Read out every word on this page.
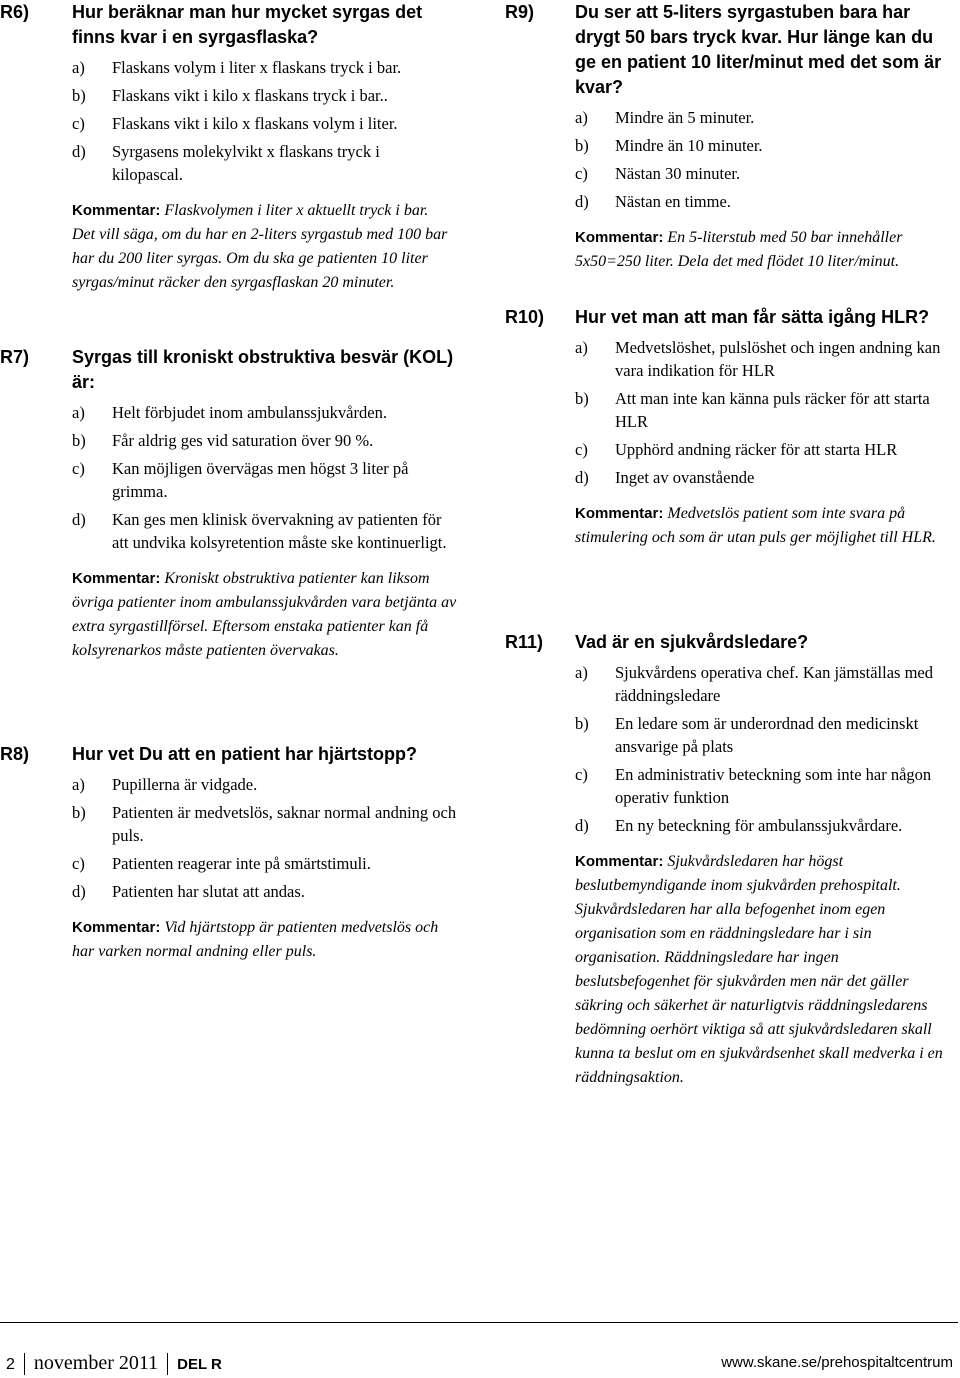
R6) Hur beräknar man hur mycket syrgas det finns kvar i en syrgasflaska?
a)	Flaskans volym i liter x flaskans tryck i bar.
b)	Flaskans vikt i kilo x flaskans tryck i bar..
c)	Flaskans vikt i kilo x flaskans volym i liter.
d)	Syrgasens molekylvikt x flaskans tryck i kilopascal.
Kommentar: Flaskvolymen i liter x aktuellt tryck i bar. Det vill säga, om du har en 2-liters syrgastub med 100 bar har du 200 liter syrgas. Om du ska ge patienten 10 liter syrgas/minut räcker den syrgasflaskan 20 minuter.
R7) Syrgas till kroniskt obstruktiva besvär (KOL) är:
a)	Helt förbjudet inom ambulanssjukvården.
b)	Får aldrig ges vid saturation över 90 %.
c)	Kan möjligen övervägas men högst 3 liter på grimma.
d)	Kan ges men klinisk övervakning av patienten för att undvika kolsyretention måste ske kontinuerligt.
Kommentar: Kroniskt obstruktiva patienter kan liksom övriga patienter inom ambulanssjukvården vara betjänta av extra syrgastillförsel. Eftersom enstaka patienter kan få kolsyrenarkos måste patienten övervakas.
R8) Hur vet Du att en patient har hjärtstopp?
a)	Pupillerna är vidgade.
b)	Patienten är medvetslös, saknar normal andning och puls.
c)	Patienten reagerar inte på smärtstimuli.
d)	Patienten har slutat att andas.
Kommentar: Vid hjärtstopp är patienten medvetslös och har varken normal andning eller puls.
R9) Du ser att 5-liters syrgastuben bara har drygt 50 bars tryck kvar. Hur länge kan du ge en patient 10 liter/minut med det som är kvar?
a)	Mindre än 5 minuter.
b)	Mindre än 10 minuter.
c)	Nästan 30 minuter.
d)	Nästan en timme.
Kommentar: En 5-literstub med 50 bar innehåller 5x50=250 liter. Dela det med flödet 10 liter/minut.
R10) Hur vet man att man får sätta igång HLR?
a)	Medvetslöshet, pulslöshet och ingen andning kan vara indikation för HLR
b)	Att man inte kan känna puls räcker för att starta HLR
c)	Upphörd andning räcker för att starta HLR
d)	Inget av ovanstående
Kommentar: Medvetslös patient som inte svara på stimulering och som är utan puls ger möjlighet till HLR.
R11) Vad är en sjukvårdsledare?
a)	Sjukvårdens operativa chef. Kan jämställas med räddningsledare
b)	En ledare som är underordnad den medicinskt ansvarige på plats
c)	En administrativ beteckning som inte har någon operativ funktion
d)	En ny beteckning för ambulanssjukvårdare.
Kommentar: Sjukvårdsledaren har högst beslutbemyndigande inom sjukvården prehospitalt. Sjukvårdsledaren har alla befogenhet inom egen organisation som en räddningsledare har i sin organisation. Räddningsledare har ingen beslutsbefogenhet för sjukvården men när det gäller säkring och säkerhet är naturligtvis räddningsledarens bedömning oerhört viktiga så att sjukvårdsledaren skall kunna ta beslut om en sjukvårdsenhet skall medverka i en räddningsaktion.
2 november 2011 DEL R	www.skane.se/prehospitaltcentrum
